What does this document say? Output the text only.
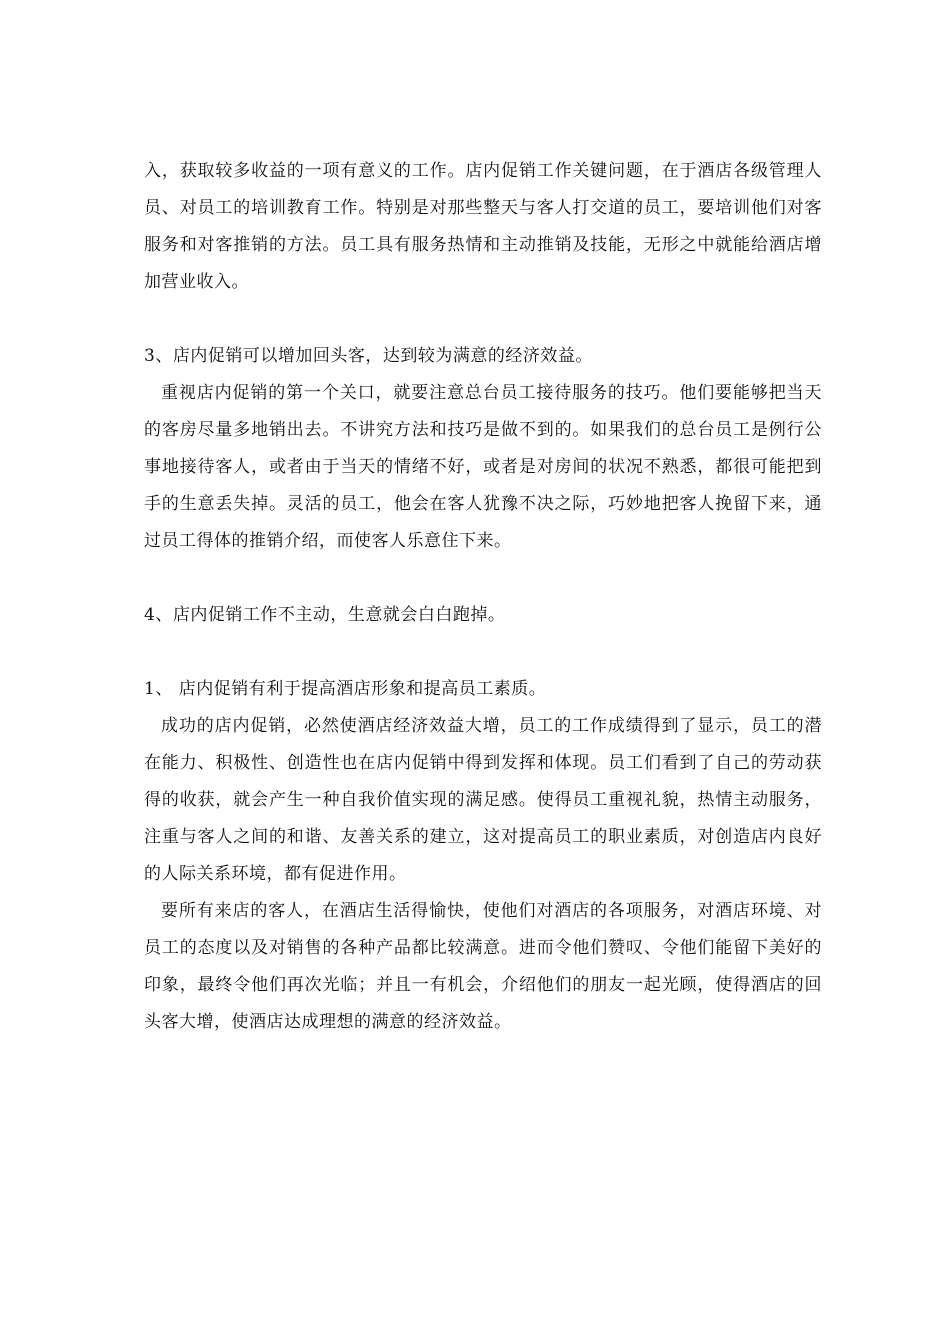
入，获取较多收益的一项有意义的工作。店内促销工作关键问题，在于酒店各级管理人员、对员工的培训教育工作。特别是对那些整天与客人打交道的员工，要培训他们对客服务和对客推销的方法。员工具有服务热情和主动推销及技能，无形之中就能给酒店增加营业收入。

3、店内促销可以增加回头客，达到较为满意的经济效益。

重视店内促销的第一个关口，就要注意总台员工接待服务的技巧。他们要能够把当天的客房尽量多地销出去。不讲究方法和技巧是做不到的。如果我们的总台员工是例行公事地接待客人，或者由于当天的情绪不好，或者是对房间的状况不熟悉，都很可能把到手的生意丢失掉。灵活的员工，他会在客人犹豫不决之际，巧妙地把客人挽留下来，通过员工得体的推销介绍，而使客人乐意住下来。

4、店内促销工作不主动，生意就会白白跑掉。

1、 店内促销有利于提高酒店形象和提高员工素质。

成功的店内促销，必然使酒店经济效益大增，员工的工作成绩得到了显示，员工的潜在能力、积极性、创造性也在店内促销中得到发挥和体现。员工们看到了自己的劳动获得的收获，就会产生一种自我价值实现的满足感。使得员工重视礼貌，热情主动服务，注重与客人之间的和谐、友善关系的建立，这对提高员工的职业素质，对创造店内良好的人际关系环境，都有促进作用。

要所有来店的客人，在酒店生活得愉快，使他们对酒店的各项服务，对酒店环境、对员工的态度以及对销售的各种产品都比较满意。进而令他们赞叹、令他们能留下美好的印象，最终令他们再次光临；并且一有机会，介绍他们的朋友一起光顾，使得酒店的回头客大增，使酒店达成理想的满意的经济效益。
